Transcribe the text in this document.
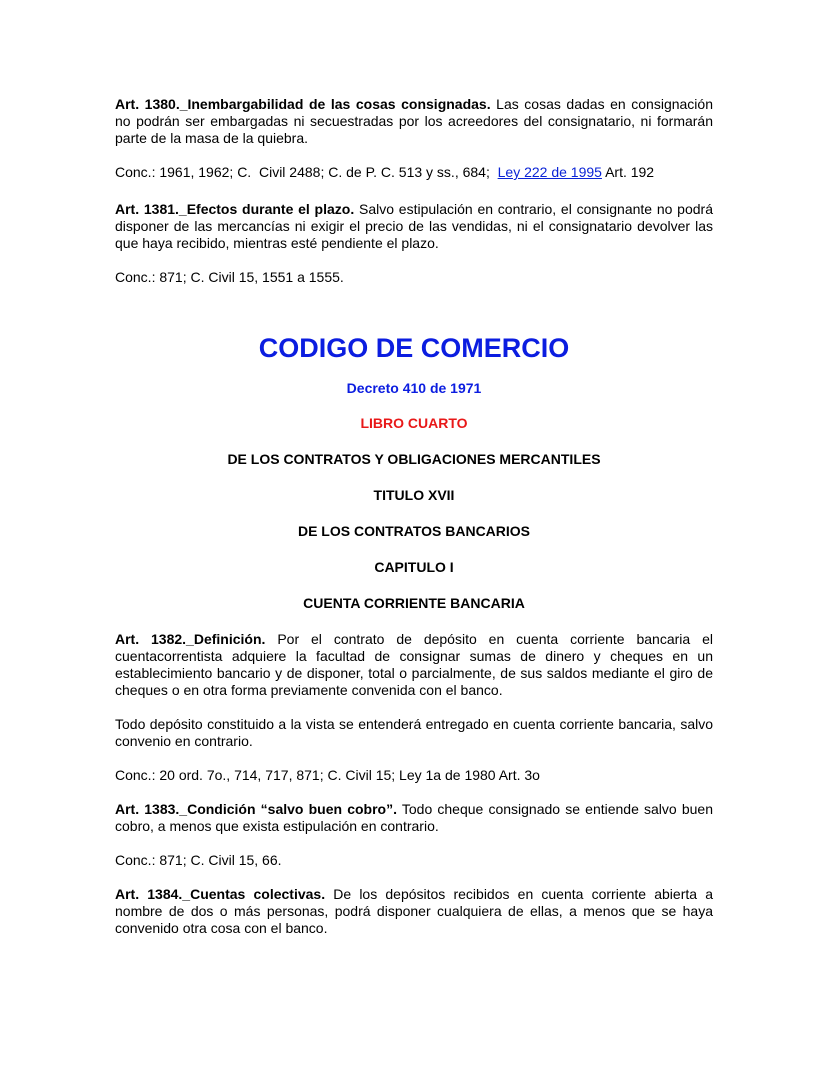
Art. 1380._Inembargabilidad de las cosas consignadas. Las cosas dadas en consignación no podrán ser embargadas ni secuestradas por los acreedores del consignatario, ni formarán parte de la masa de la quiebra.

Conc.: 1961, 1962; C.  Civil 2488; C. de P. C. 513 y ss., 684;  Ley 222 de 1995 Art. 192

Art. 1381._Efectos durante el plazo. Salvo estipulación en contrario, el consignante no podrá disponer de las mercancías ni exigir el precio de las vendidas, ni el consignatario devolver las que haya recibido, mientras esté pendiente el plazo.

Conc.: 871; C. Civil 15, 1551 a 1555.

CODIGO DE COMERCIO

Decreto 410 de 1971

LIBRO CUARTO

DE LOS CONTRATOS Y OBLIGACIONES MERCANTILES

TITULO XVII

DE LOS CONTRATOS BANCARIOS

CAPITULO I

CUENTA CORRIENTE BANCARIA

Art. 1382._Definición. Por el contrato de depósito en cuenta corriente bancaria el cuentacorrentista adquiere la facultad de consignar sumas de dinero y cheques en un establecimiento bancario y de disponer, total o parcialmente, de sus saldos mediante el giro de cheques o en otra forma previamente convenida con el banco.

Todo depósito constituido a la vista se entenderá entregado en cuenta corriente bancaria, salvo convenio en contrario.

Conc.: 20 ord. 7o., 714, 717, 871; C. Civil 15; Ley 1a de 1980 Art. 3o

Art. 1383._Condición “salvo buen cobro”. Todo cheque consignado se entiende salvo buen cobro, a menos que exista estipulación en contrario.

Conc.: 871; C. Civil 15, 66.

Art. 1384._Cuentas colectivas. De los depósitos recibidos en cuenta corriente abierta a nombre de dos o más personas, podrá disponer cualquiera de ellas, a menos que se haya convenido otra cosa con el banco.
